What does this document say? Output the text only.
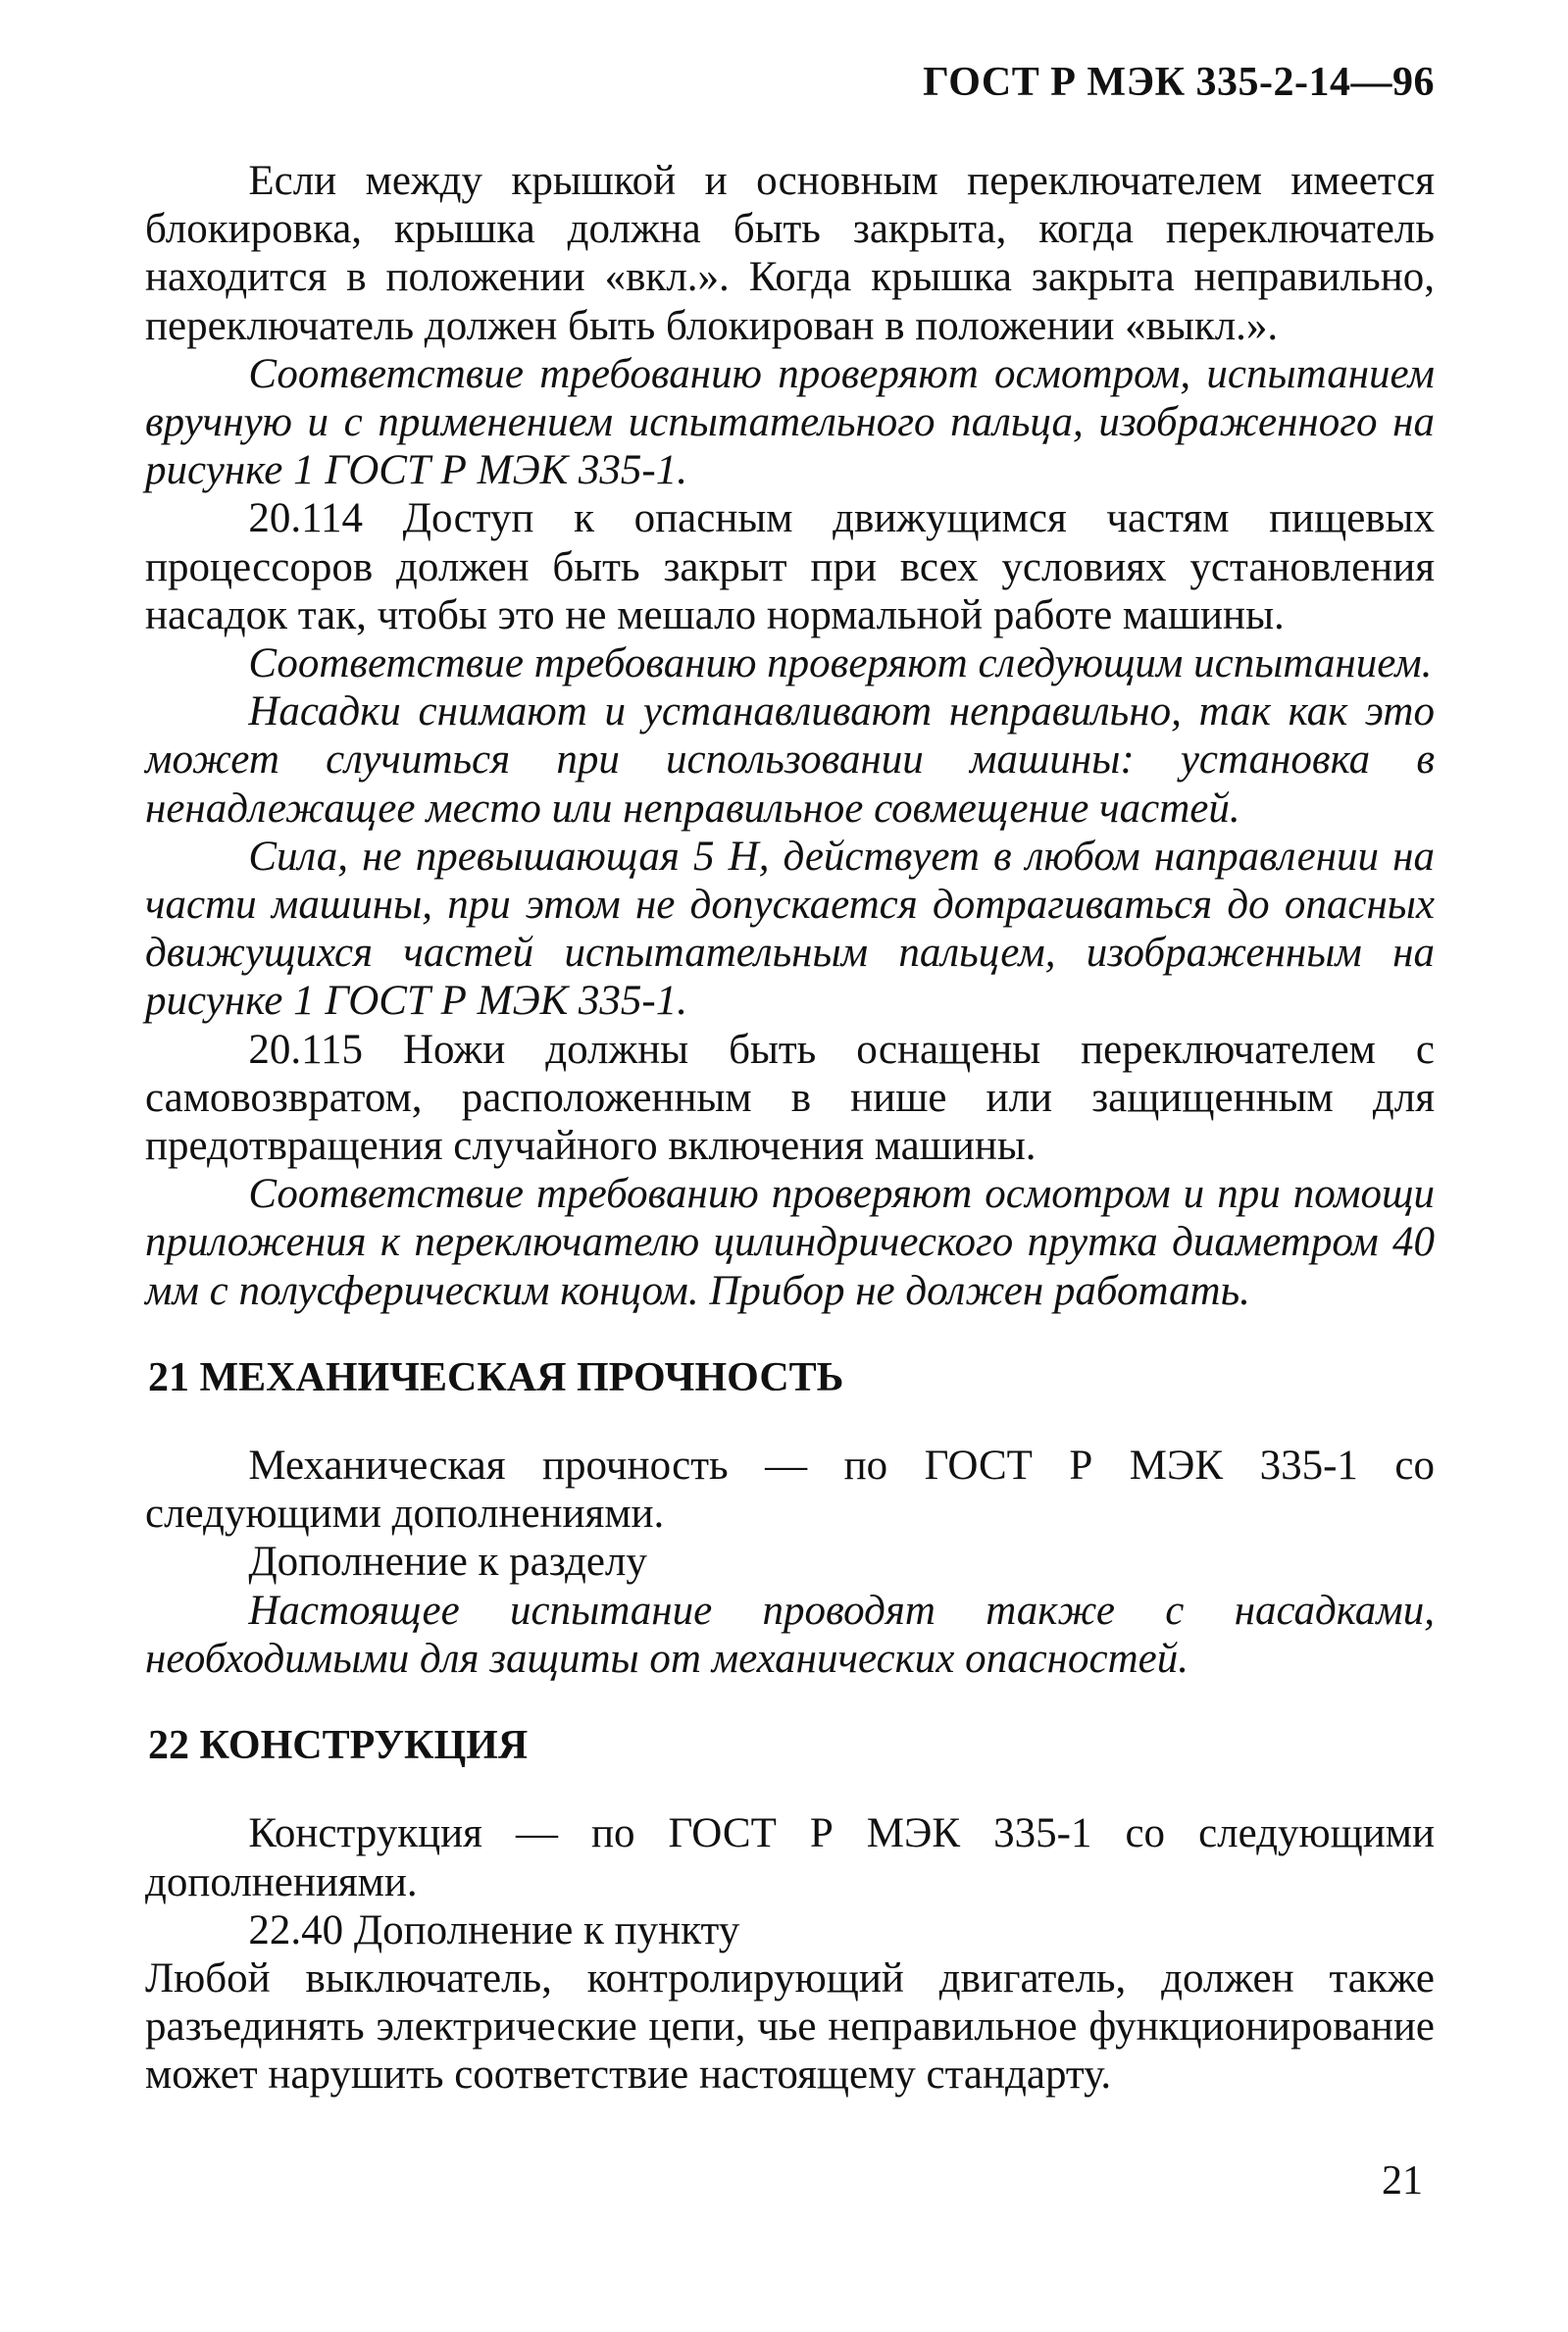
ГОСТ Р МЭК 335-2-14—96

Если между крышкой и основным переключателем имеется блокировка, крышка должна быть закрыта, когда переключатель находится в положении «вкл.». Когда крышка закрыта неправильно, переключатель должен быть блокирован в положении «выкл.».

Соответствие требованию проверяют осмотром, испытанием вручную и с применением испытательного пальца, изображенного на рисунке 1 ГОСТ Р МЭК 335-1.

20.114 Доступ к опасным движущимся частям пищевых процессоров должен быть закрыт при всех условиях установления насадок так, чтобы это не мешало нормальной работе машины.

Соответствие требованию проверяют следующим испытанием.

Насадки снимают и устанавливают неправильно, так как это может случиться при использовании машины: установка в ненадлежащее место или неправильное совмещение частей.

Сила, не превышающая 5 Н, действует в любом направлении на части машины, при этом не допускается дотрагиваться до опасных движущихся частей испытательным пальцем, изображенным на рисунке 1 ГОСТ Р МЭК 335-1.

20.115 Ножи должны быть оснащены переключателем с самовозвратом, расположенным в нише или защищенным для предотвращения случайного включения машины.

Соответствие требованию проверяют осмотром и при помощи приложения к переключателю цилиндрического прутка диаметром 40 мм с полусферическим концом. Прибор не должен работать.

21 МЕХАНИЧЕСКАЯ ПРОЧНОСТЬ

Механическая прочность — по ГОСТ Р МЭК 335-1 со следующими дополнениями.

Дополнение к разделу

Настоящее испытание проводят также с насадками, необходимыми для защиты от механических опасностей.

22 КОНСТРУКЦИЯ

Конструкция — по ГОСТ Р МЭК 335-1 со следующими дополнениями.

22.40 Дополнение к пункту

Любой выключатель, контролирующий двигатель, должен также разъединять электрические цепи, чье неправильное функционирование может нарушить соответствие настоящему стандарту.

21
